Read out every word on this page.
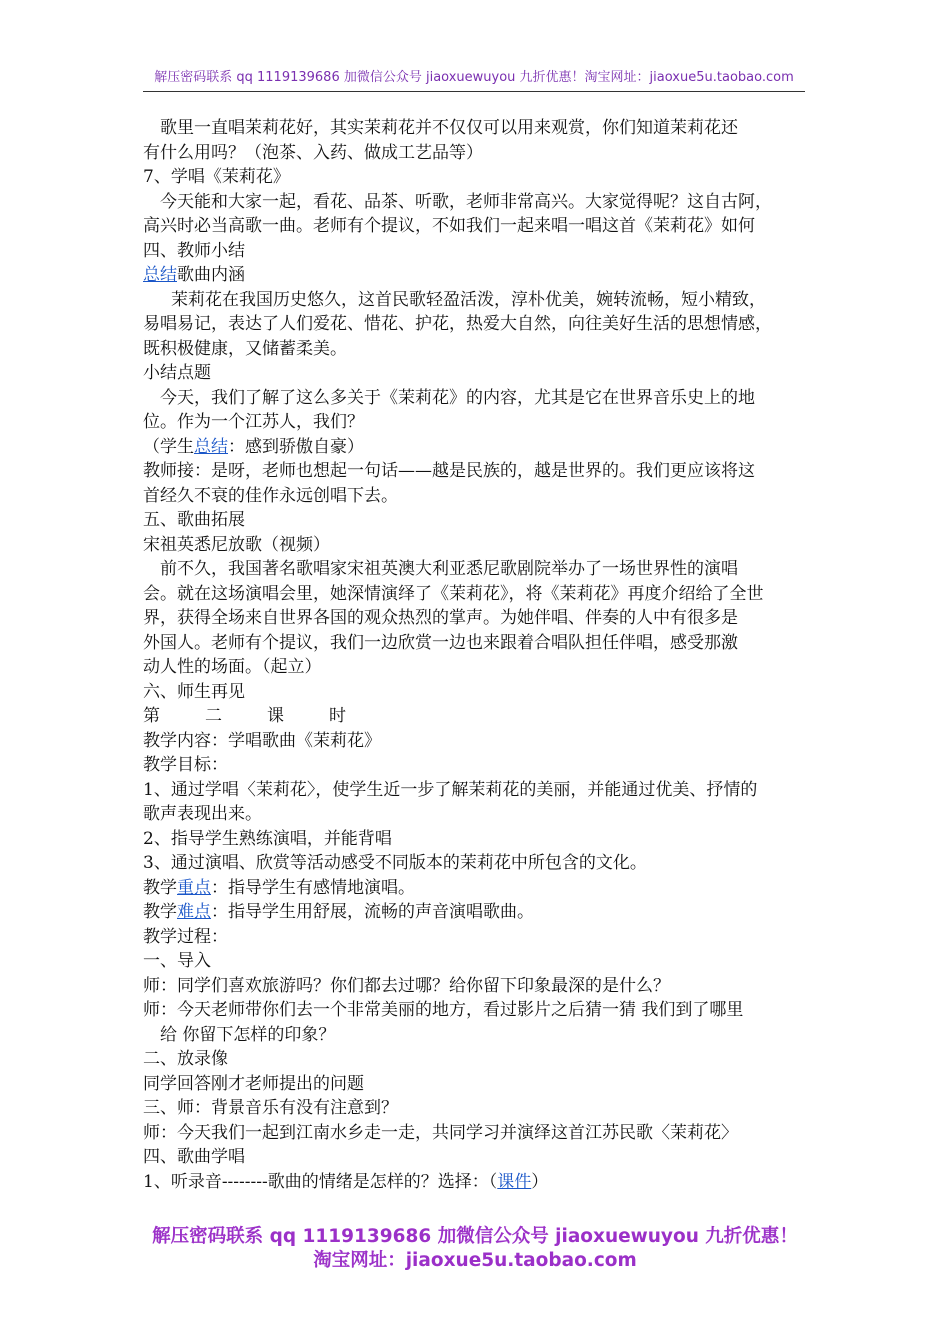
解压密码联系 qq 1119139686 加微信公众号 jiaoxuewuyou 九折优惠！淘宝网址：jiaoxue5u.taobao.com
歌里一直唱茉莉花好，其实茉莉花并不仅仅可以用来观赏，你们知道茉莉花还
有什么用吗？（泡茶、入药、做成工艺品等）
7、学唱《茉莉花》
今天能和大家一起，看花、品茶、听歌，老师非常高兴。大家觉得呢？这自古阿，
高兴时必当高歌一曲。老师有个提议，不如我们一起来唱一唱这首《茉莉花》如何
四、教师小结
总结歌曲内涵
茉莉花在我国历史悠久，这首民歌轻盈活泼，淳朴优美，婉转流畅，短小精致，
易唱易记，表达了人们爱花、惜花、护花，热爱大自然，向往美好生活的思想情感，
既积极健康，又储蓄柔美。
小结点题
今天，我们了解了这么多关于《茉莉花》的内容，尤其是它在世界音乐史上的地
位。作为一个江苏人，我们？
（学生总结：感到骄傲自豪）
教师接：是呀，老师也想起一句话——越是民族的，越是世界的。我们更应该将这
首经久不衰的佳作永远创唱下去。
五、歌曲拓展
宋祖英悉尼放歌（视频）
前不久，我国著名歌唱家宋祖英澳大利亚悉尼歌剧院举办了一场世界性的演唱
会。就在这场演唱会里，她深情演绎了《茉莉花》，将《茉莉花》再度介绍给了全世
界，获得全场来自世界各国的观众热烈的掌声。为她伴唱、伴奏的人中有很多是
外国人。老师有个提议，我们一边欣赏一边也来跟着合唱队担任伴唱，感受那激
动人性的场面。（起立）
六、师生再见
第	二	课	时
教学内容：学唱歌曲《茉莉花》
教学目标：
1、通过学唱〈茉莉花〉，使学生近一步了解茉莉花的美丽，并能通过优美、抒情的
歌声表现出来。
2、指导学生熟练演唱，并能背唱
3、通过演唱、欣赏等活动感受不同版本的茉莉花中所包含的文化。
教学重点：指导学生有感情地演唱。
教学难点：指导学生用舒展，流畅的声音演唱歌曲。
教学过程：
一、导入
师：同学们喜欢旅游吗？你们都去过哪？给你留下印象最深的是什么？
师：今天老师带你们去一个非常美丽的地方，看过影片之后猜一猜 我们到了哪里
给 你留下怎样的印象？
二、放录像
同学回答刚才老师提出的问题
三、师：背景音乐有没有注意到？
师：今天我们一起到江南水乡走一走，共同学习并演绎这首江苏民歌〈茉莉花〉
四、歌曲学唱
1、听录音--------歌曲的情绪是怎样的？选择：（课件）
解压密码联系 qq 1119139686 加微信公众号 jiaoxuewuyou 九折优惠！
淘宝网址：jiaoxue5u.taobao.com
